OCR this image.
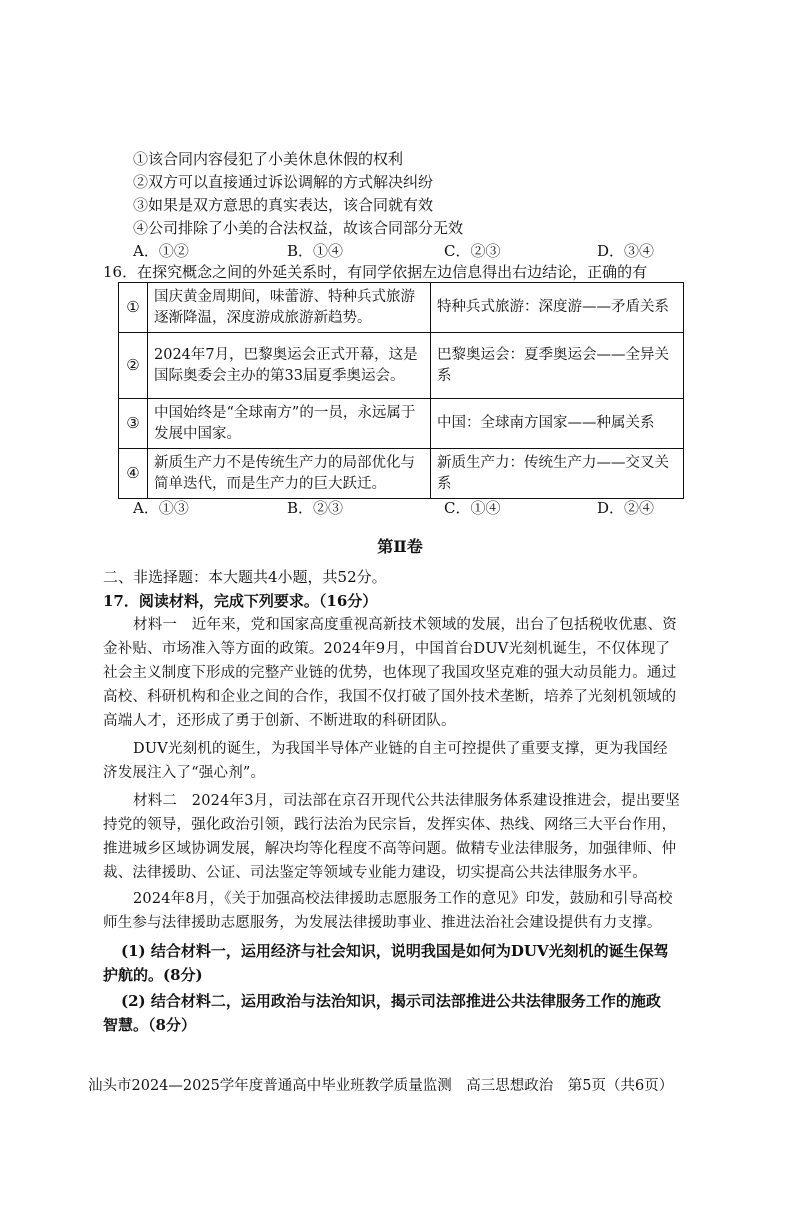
①该合同内容侵犯了小美休息休假的权利
②双方可以直接通过诉讼调解的方式解决纠纷
③如果是双方意思的真实表达，该合同就有效
④公司排除了小美的合法权益，故该合同部分无效
A．①②	B．①④	C．②③	D．③④
16．在探究概念之间的外延关系时，有同学依据左边信息得出右边结论，正确的有
①	国庆黄金周期间，味蕾游、特种兵式旅游逐渐降温，深度游成旅游新趋势。	特种兵式旅游：深度游——矛盾关系
②	2024年7月，巴黎奥运会正式开幕，这是国际奥委会主办的第33届夏季奥运会。	巴黎奥运会：夏季奥运会——全异关系
③	中国始终是“全球南方”的一员，永远属于发展中国家。	中国：全球南方国家——种属关系
④	新质生产力不是传统生产力的局部优化与简单迭代，而是生产力的巨大跃迁。	新质生产力：传统生产力——交叉关系
A．①③	B．②③	C．①④	D．②④
第Ⅱ卷
二、非选择题：本大题共4小题，共52分。
17．阅读材料，完成下列要求。（16分）
材料一　近年来，党和国家高度重视高新技术领域的发展，出台了包括税收优惠、资
金补贴、市场准入等方面的政策。2024年9月，中国首台DUV光刻机诞生，不仅体现了
社会主义制度下形成的完整产业链的优势，也体现了我国攻坚克难的强大动员能力。通过
高校、科研机构和企业之间的合作，我国不仅打破了国外技术垄断，培养了光刻机领域的
高端人才，还形成了勇于创新、不断进取的科研团队。
DUV光刻机的诞生，为我国半导体产业链的自主可控提供了重要支撑，更为我国经
济发展注入了“强心剂”。
材料二　2024年3月，司法部在京召开现代公共法律服务体系建设推进会，提出要坚
持党的领导，强化政治引领，践行法治为民宗旨，发挥实体、热线、网络三大平台作用，
推进城乡区域协调发展，解决均等化程度不高等问题。做精专业法律服务，加强律师、仲
裁、法律援助、公证、司法鉴定等领域专业能力建设，切实提高公共法律服务水平。
2024年8月，《关于加强高校法律援助志愿服务工作的意见》印发，鼓励和引导高校
师生参与法律援助志愿服务，为发展法律援助事业、推进法治社会建设提供有力支撑。
(1) 结合材料一，运用经济与社会知识，说明我国是如何为DUV光刻机的诞生保驾
护航的。(8分)
(2) 结合材料二，运用政治与法治知识，揭示司法部推进公共法律服务工作的施政
智慧。（8分）
汕头市2024—2025学年度普通高中毕业班教学质量监测　高三思想政治　第5页（共6页）
